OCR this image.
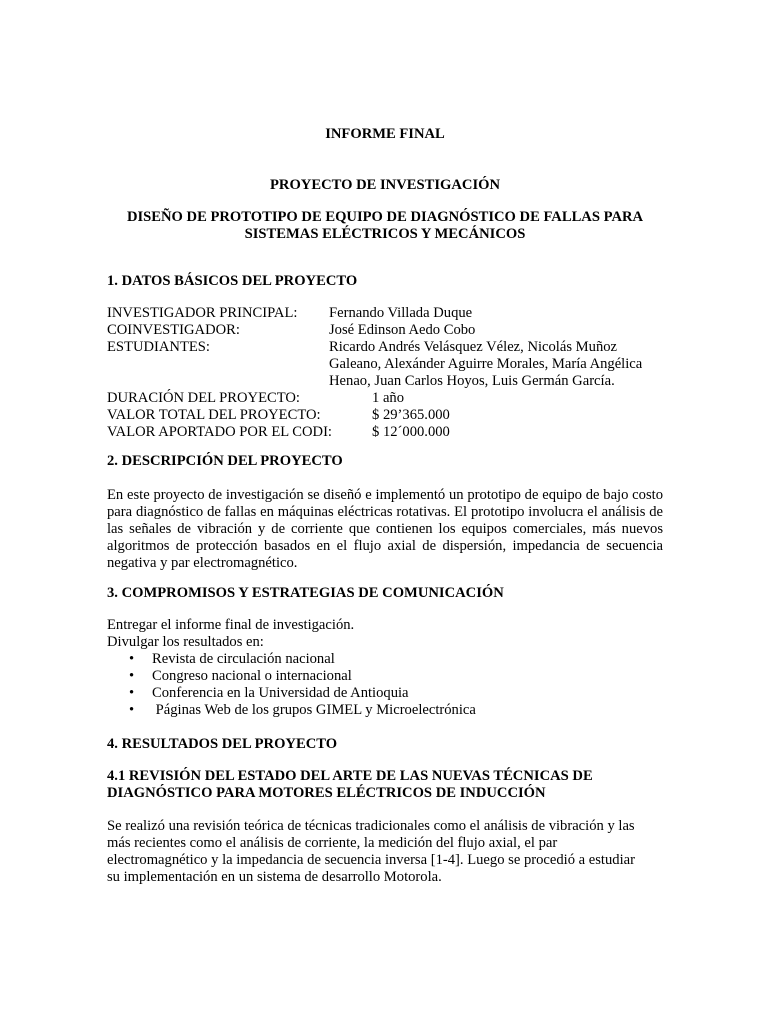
INFORME FINAL
PROYECTO DE INVESTIGACIÓN
DISEÑO DE PROTOTIPO DE EQUIPO DE DIAGNÓSTICO DE FALLAS PARA SISTEMAS ELÉCTRICOS Y MECÁNICOS
1. DATOS BÁSICOS DEL PROYECTO
INVESTIGADOR PRINCIPAL:	Fernando Villada Duque
COINVESTIGADOR:	José Edinson Aedo Cobo
ESTUDIANTES:	Ricardo Andrés Velásquez Vélez, Nicolás Muñoz
Galeano, Alexánder Aguirre Morales, María Angélica
Henao, Juan Carlos Hoyos, Luis Germán García.
DURACIÓN DEL PROYECTO:	1 año
VALOR TOTAL DEL PROYECTO:	$ 29’365.000
VALOR APORTADO POR EL CODI:	$ 12´000.000
2. DESCRIPCIÓN DEL PROYECTO
En este proyecto de investigación se diseñó e implementó un prototipo de equipo de bajo costo para diagnóstico de fallas en máquinas eléctricas rotativas. El prototipo involucra el análisis de las señales de vibración y de corriente que contienen los equipos comerciales, más nuevos algoritmos de protección basados en el flujo axial de dispersión, impedancia de secuencia negativa y par electromagnético.
3. COMPROMISOS Y ESTRATEGIAS DE COMUNICACIÓN
Entregar el informe final de investigación.
Divulgar los resultados en:
• Revista de circulación nacional
• Congreso nacional o internacional
• Conferencia en la Universidad de Antioquia
• Páginas Web de los grupos GIMEL y Microelectrónica
4. RESULTADOS DEL PROYECTO
4.1 REVISIÓN DEL ESTADO DEL ARTE DE LAS NUEVAS TÉCNICAS DE
DIAGNÓSTICO PARA MOTORES ELÉCTRICOS DE INDUCCIÓN
Se realizó una revisión teórica de técnicas tradicionales como el análisis de vibración y las
más recientes como el análisis de corriente, la medición del flujo axial, el par
electromagnético y la impedancia de secuencia inversa [1-4]. Luego se procedió a estudiar
su implementación en un sistema de desarrollo Motorola.
